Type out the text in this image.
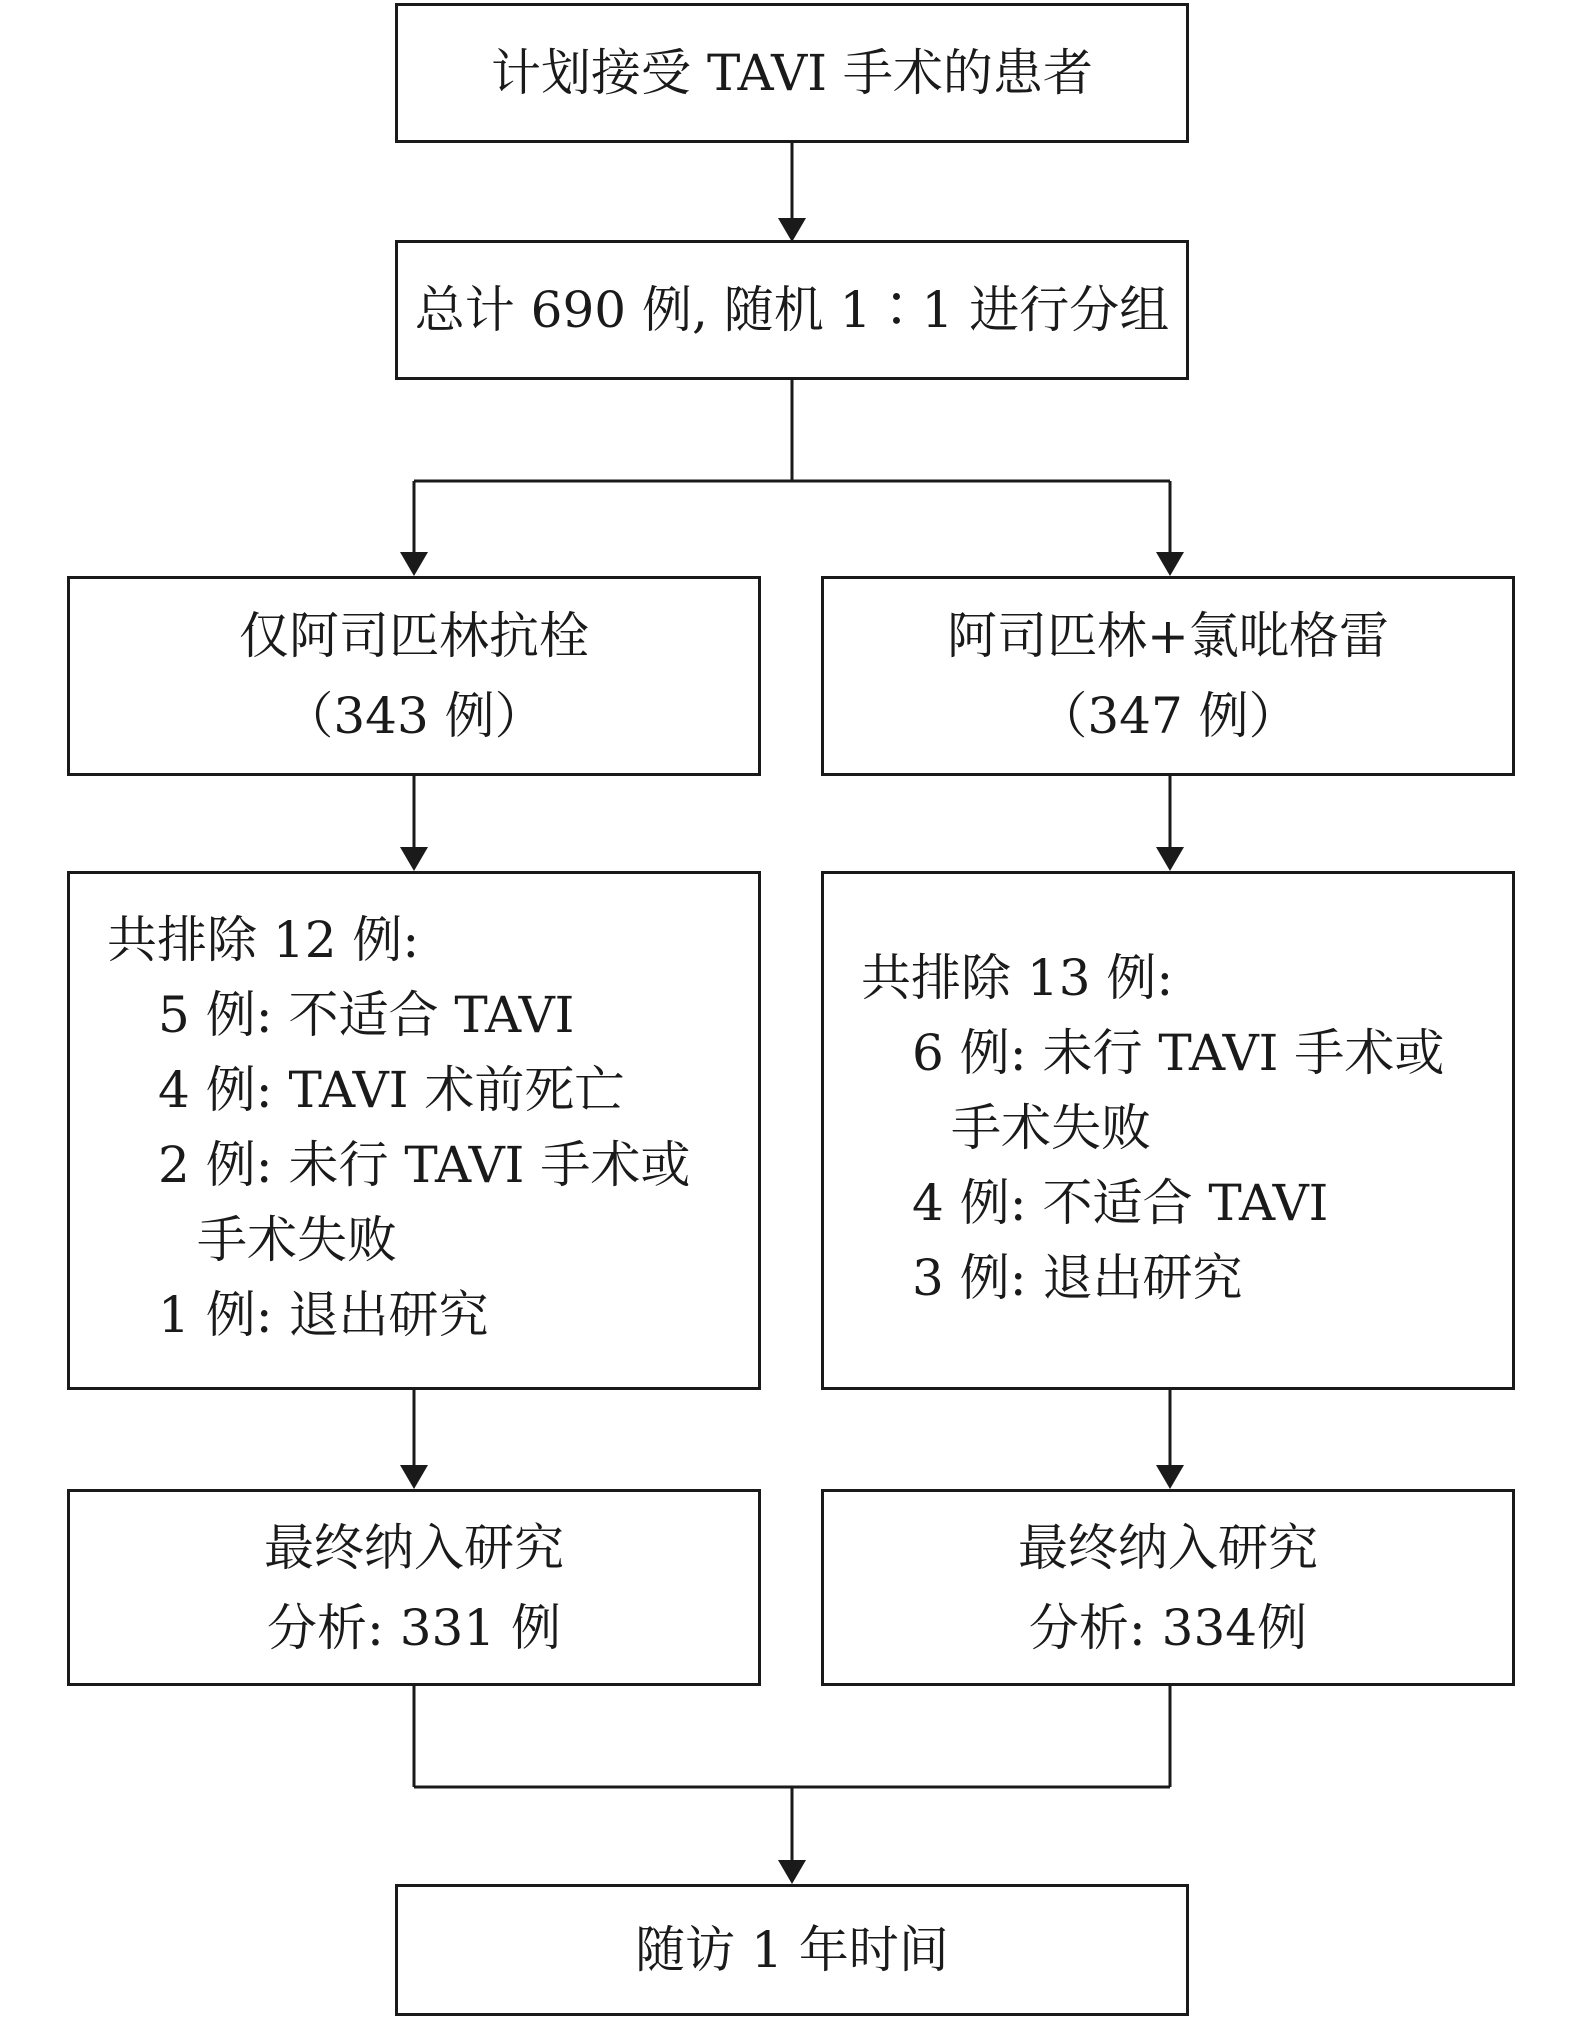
计划接受 TAVI 手术的患者
总计 690 例, 随机 1∶1 进行分组
仅阿司匹林抗栓
（343 例）
阿司匹林+氯吡格雷
（347 例）
共排除 12 例:
5 例: 不适合 TAVI
4 例: TAVI 术前死亡
2 例: 未行 TAVI 手术或
手术失败
1 例: 退出研究
共排除 13 例:
6 例: 未行 TAVI 手术或
手术失败
4 例: 不适合 TAVI
3 例: 退出研究
最终纳入研究
分析: 331 例
最终纳入研究
分析: 334例
随访 1 年时间
